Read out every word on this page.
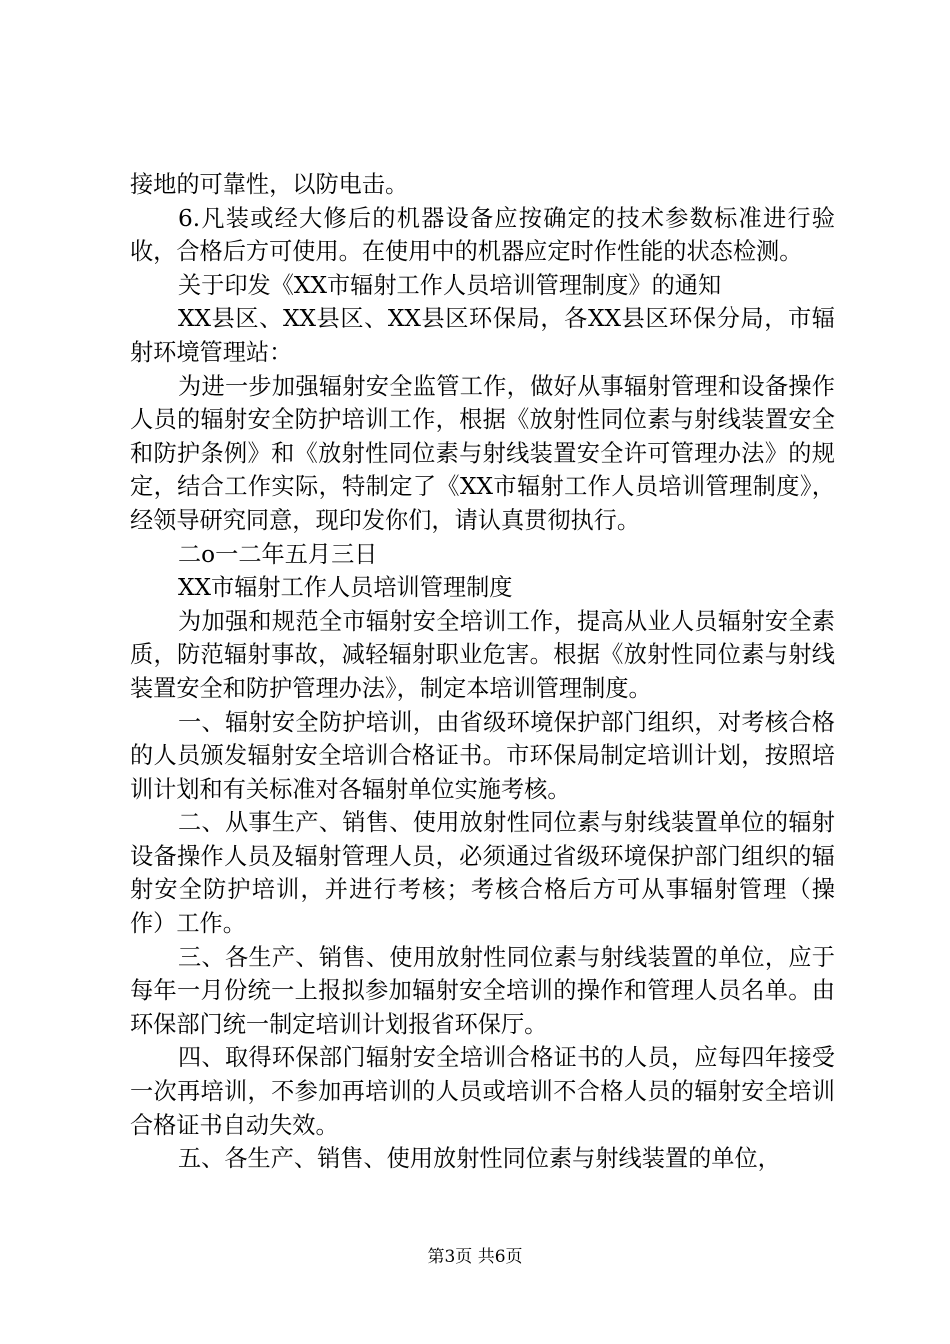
接地的可靠性，以防电击。

6.凡装或经大修后的机器设备应按确定的技术参数标准进行验收，合格后方可使用。在使用中的机器应定时作性能的状态检测。

关于印发《XX市辐射工作人员培训管理制度》的通知

XX县区、XX县区、XX县区环保局，各XX县区环保分局，市辐射环境管理站：

为进一步加强辐射安全监管工作，做好从事辐射管理和设备操作人员的辐射安全防护培训工作，根据《放射性同位素与射线装置安全和防护条例》和《放射性同位素与射线装置安全许可管理办法》的规定，结合工作实际，特制定了《XX市辐射工作人员培训管理制度》，经领导研究同意，现印发你们，请认真贯彻执行。

二o一二年五月三日

XX市辐射工作人员培训管理制度

为加强和规范全市辐射安全培训工作，提高从业人员辐射安全素质，防范辐射事故，减轻辐射职业危害。根据《放射性同位素与射线装置安全和防护管理办法》，制定本培训管理制度。

一、辐射安全防护培训，由省级环境保护部门组织，对考核合格的人员颁发辐射安全培训合格证书。市环保局制定培训计划，按照培训计划和有关标准对各辐射单位实施考核。

二、从事生产、销售、使用放射性同位素与射线装置单位的辐射设备操作人员及辐射管理人员，必须通过省级环境保护部门组织的辐射安全防护培训，并进行考核；考核合格后方可从事辐射管理（操作）工作。

三、各生产、销售、使用放射性同位素与射线装置的单位，应于每年一月份统一上报拟参加辐射安全培训的操作和管理人员名单。由环保部门统一制定培训计划报省环保厅。

四、取得环保部门辐射安全培训合格证书的人员，应每四年接受一次再培训，不参加再培训的人员或培训不合格人员的辐射安全培训合格证书自动失效。

五、各生产、销售、使用放射性同位素与射线装置的单位，

第3页 共6页
